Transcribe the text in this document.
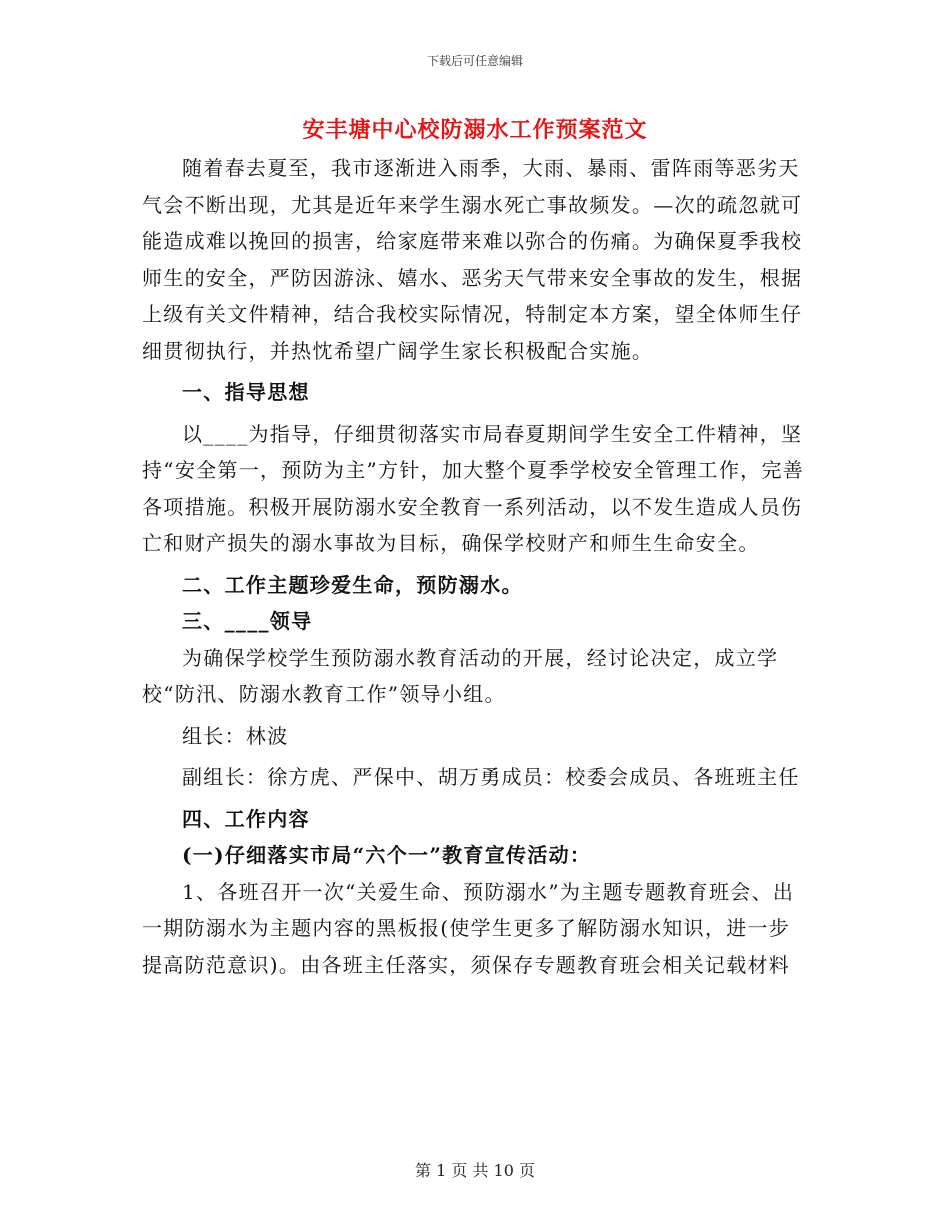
下载后可任意编辑
安丰塘中心校防溺水工作预案范文

随着春去夏至，我市逐渐进入雨季，大雨、暴雨、雷阵雨等恶劣天气会不断出现，尤其是近年来学生溺水死亡事故频发。—次的疏忽就可能造成难以挽回的损害，给家庭带来难以弥合的伤痛。为确保夏季我校师生的安全，严防因游泳、嬉水、恶劣天气带来安全事故的发生，根据上级有关文件精神，结合我校实际情况，特制定本方案，望全体师生仔细贯彻执行，并热忱希望广阔学生家长积极配合实施。

一、指导思想

以____为指导，仔细贯彻落实市局春夏期间学生安全工件精神，坚持“安全第一，预防为主”方针，加大整个夏季学校安全管理工作，完善各项措施。积极开展防溺水安全教育一系列活动，以不发生造成人员伤亡和财产损失的溺水事故为目标，确保学校财产和师生生命安全。

二、工作主题珍爱生命，预防溺水。

三、____领导

为确保学校学生预防溺水教育活动的开展，经讨论决定，成立学校“防汛、防溺水教育工作”领导小组。

组长：林波

副组长：徐方虎、严保中、胡万勇成员：校委会成员、各班班主任

四、工作内容

(一)仔细落实市局“六个一”教育宣传活动：

1、各班召开一次“关爱生命、预防溺水”为主题专题教育班会、出一期防溺水为主题内容的黑板报(使学生更多了解防溺水知识，进一步提高防范意识)。由各班主任落实，须保存专题教育班会相关记载材料

第 1 页 共 10 页
